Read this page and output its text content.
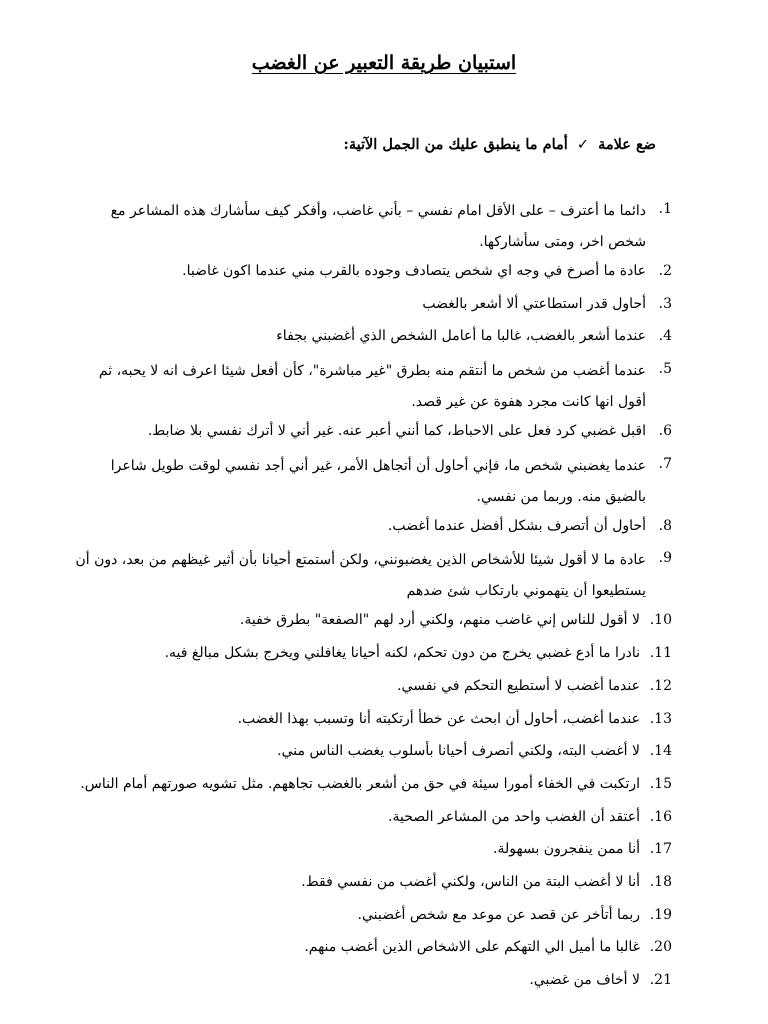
استبيان طريقة التعبير عن الغضب
ضع علامة ✓ أمام ما ينطبق عليك من الجمل الآتية:
.1
دائما ما أعترف – على الأقل امام نفسي – بأني غاضب، وأفكر كيف سأشارك هذه المشاعر مع شخص اخر، ومتى سأشاركها.
.2
عادة ما أصرخ في وجه اي شخص يتصادف وجوده بالقرب مني عندما اكون غاضبا.
.3
أحاول قدر استطاعتي ألا أشعر بالغضب
.4
عندما أشعر بالغضب، غالبا ما أعامل الشخص الذي أغضبني بجفاء
.5
عندما أغضب من شخص ما أنتقم منه بطرق "غير مباشرة"، كأن أفعل شيئا اعرف انه لا يحبه، ثم أقول انها كانت مجرد هفوة عن غير قصد.
.6
اقبل غضبي كرد فعل على الاحباط، كما أنني أعبر عنه. غير أني لا أترك نفسي بلا ضابط.
.7
عندما يغضبني شخص ما، فإني أحاول أن أتجاهل الأمر، غير أني أجد نفسي لوقت طويل شاعرا بالضيق منه. وربما من نفسي.
.8
أحاول أن أتصرف بشكل أفضل عندما أغضب.
.9
عادة ما لا أقول شيئا للأشخاص الذين يغضبونني، ولكن أستمتع أحيانا بأن أثير غيظهم من بعد، دون أن يستطيعوا أن يتهموني بارتكاب شئ ضدهم
.10
لا أقول للناس إني غاضب منهم، ولكني أرد لهم "الصفعة" بطرق خفية.
.11
نادرا ما أدع غضبي يخرج من دون تحكم، لكنه أحيانا يغافلني ويخرج بشكل مبالغ فيه.
.12
عندما أغضب لا أستطيع التحكم في نفسي.
.13
عندما أغضب، أحاول أن ابحث عن خطأ أرتكبته أنا وتسبب بهذا الغضب.
.14
لا أغضب البته، ولكني أتصرف أحيانا بأسلوب يغضب الناس مني.
.15
ارتكبت في الخفاء أمورا سيئة في حق من أشعر بالغضب تجاههم. مثل تشويه صورتهم أمام الناس.
.16
أعتقد أن الغضب واحد من المشاعر الصحية.
.17
أنا ممن ينفجرون بسهولة.
.18
أنا لا أغضب البتة من الناس، ولكني أغضب من نفسي فقط.
.19
ربما أتأخر عن قصد عن موعد مع شخص أغضبني.
.20
غالبا ما أميل الي التهكم على الاشخاص الذين أغضب منهم.
.21
لا أخاف من غضبي.
